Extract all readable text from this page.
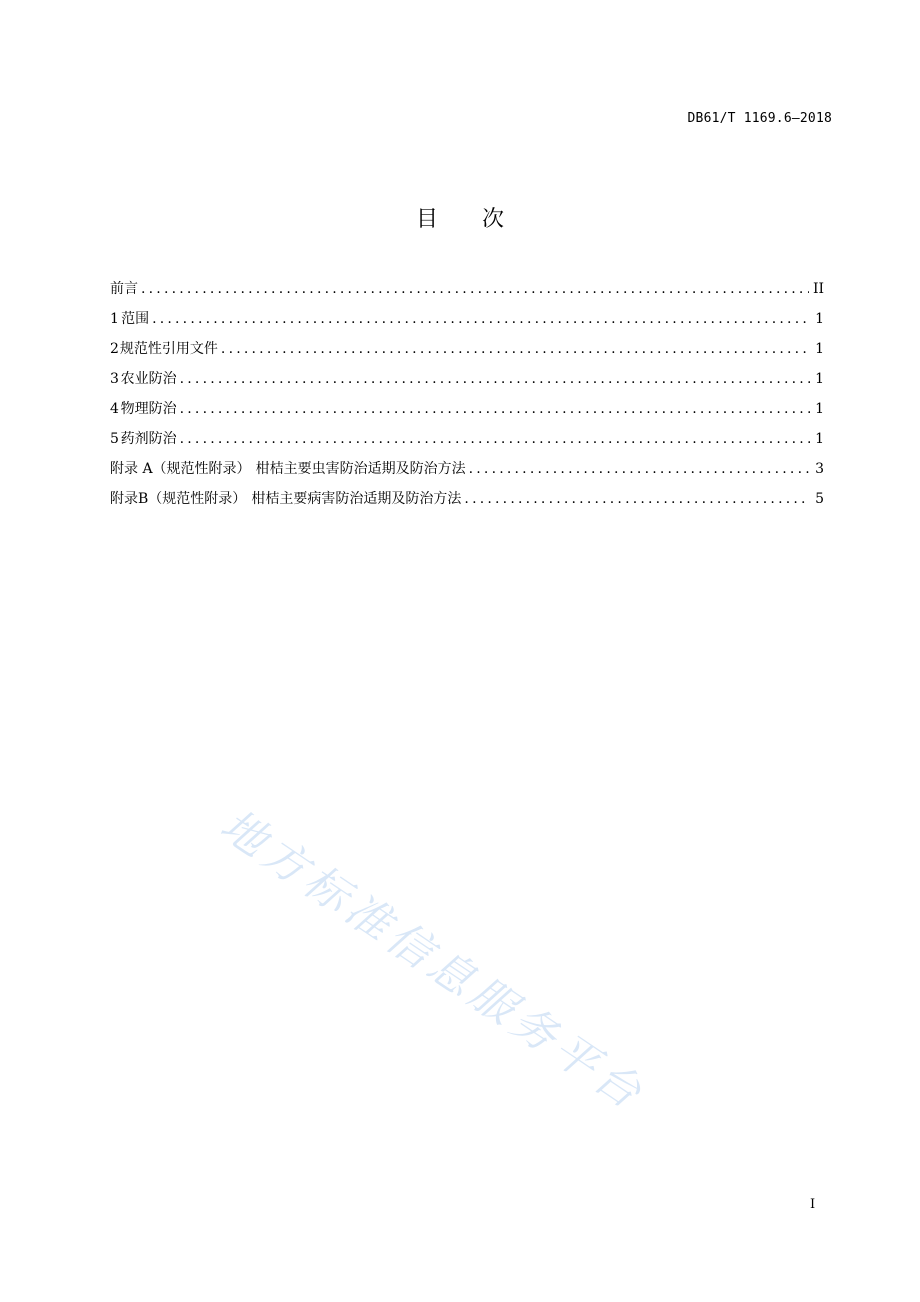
DB61/T 1169.6—2018
目 次
前言 .....	II
1 范围 .....	1
2 规范性引用文件 .....	1
3 农业防治 .....	1
4 物理防治 .....	1
5 药剂防治 .....	1
附录 A（规范性附录） 柑桔主要虫害防治适期及防治方法 .....	3
附录B（规范性附录） 柑桔主要病害防治适期及防治方法 .....	5
地方标准信息服务平台
I
